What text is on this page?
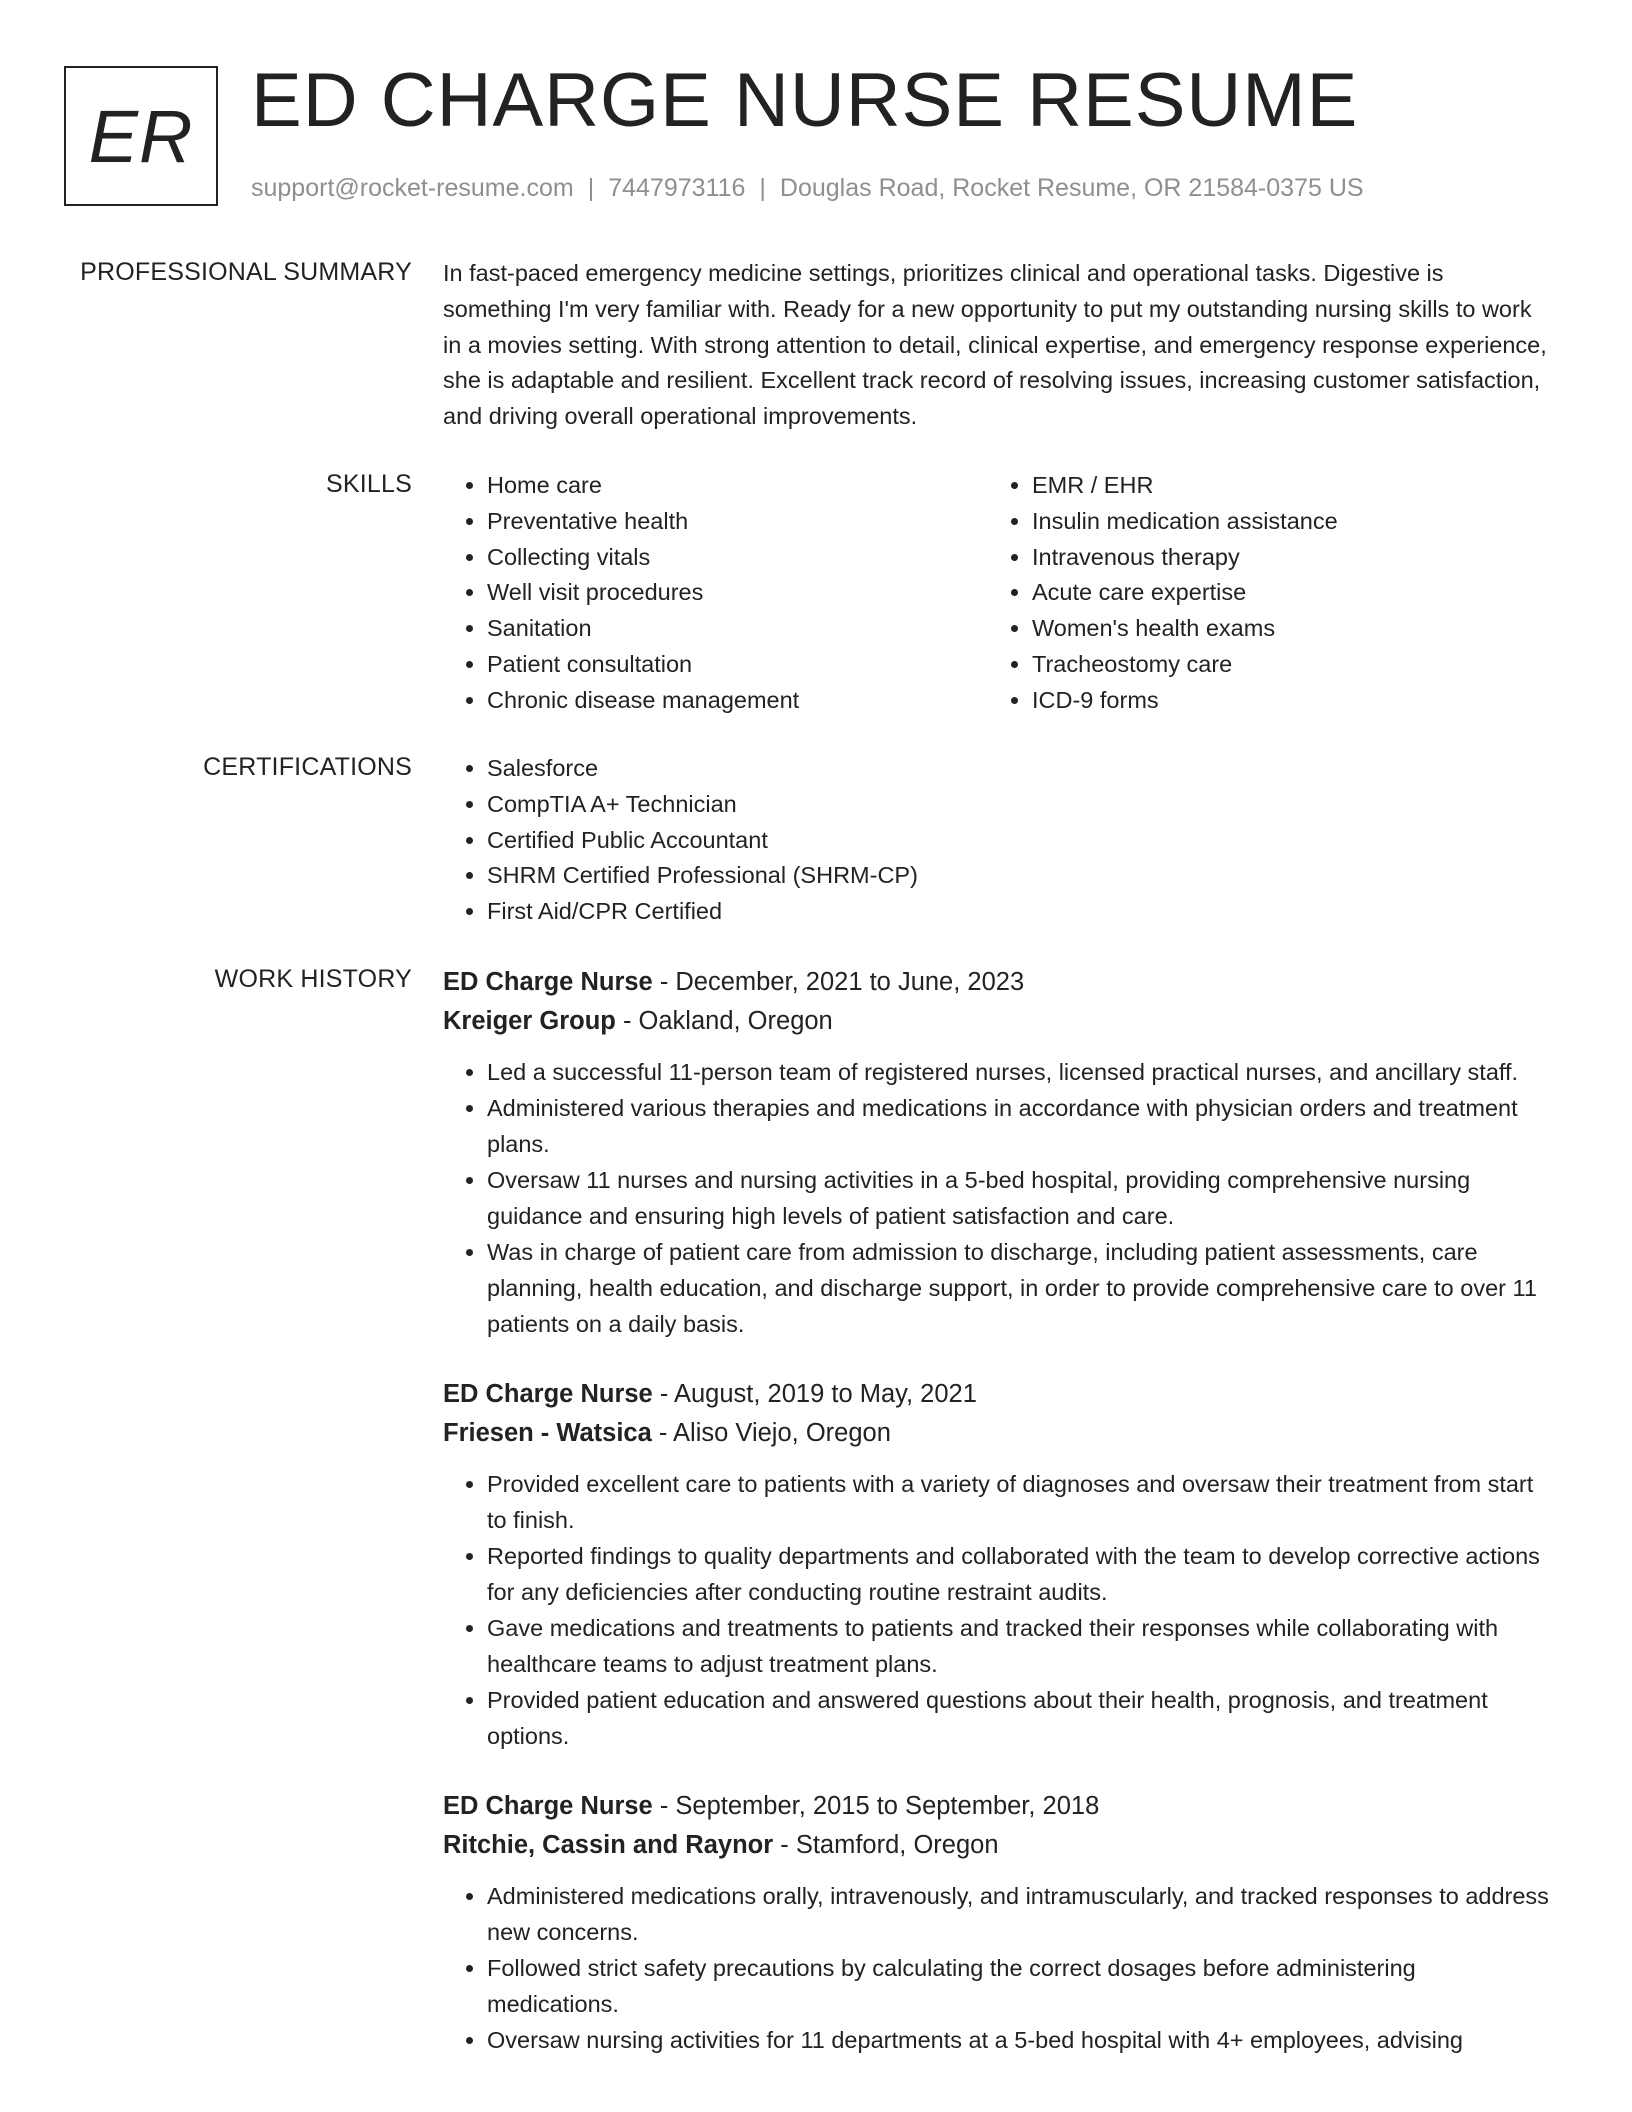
ER ED CHARGE NURSE RESUME
support@rocket-resume.com | 7447973116 | Douglas Road, Rocket Resume, OR 21584-0375 US
PROFESSIONAL SUMMARY In fast-paced emergency medicine settings, prioritizes clinical and operational tasks. Digestive is something I'm very familiar with. Ready for a new opportunity to put my outstanding nursing skills to work in a movies setting. With strong attention to detail, clinical expertise, and emergency response experience, she is adaptable and resilient. Excellent track record of resolving issues, increasing customer satisfaction, and driving overall operational improvements.

SKILLS	• Home care
• Preventative health
• Collecting vitals
• Well visit procedures
• Sanitation
• Patient consultation
• Chronic disease management
• EMR / EHR
• Insulin medication assistance
• Intravenous therapy
• Acute care expertise
• Women's health exams
• Tracheostomy care
• ICD-9 forms
CERTIFICATIONS	• Salesforce
• CompTIA A+ Technician
• Certified Public Accountant
• SHRM Certified Professional (SHRM-CP)
• First Aid/CPR Certified
WORK HISTORY ED Charge Nurse - December, 2021 to June, 2023
Kreiger Group - Oakland, Oregon
• Led a successful 11-person team of registered nurses, licensed practical nurses, and ancillary staff.
• Administered various therapies and medications in accordance with physician orders and treatment plans.
• Oversaw 11 nurses and nursing activities in a 5-bed hospital, providing comprehensive nursing guidance and ensuring high levels of patient satisfaction and care.
• Was in charge of patient care from admission to discharge, including patient assessments, care planning, health education, and discharge support, in order to provide comprehensive care to over 11 patients on a daily basis.
ED Charge Nurse - August, 2019 to May, 2021
Friesen - Watsica - Aliso Viejo, Oregon
• Provided excellent care to patients with a variety of diagnoses and oversaw their treatment from start to finish.
• Reported findings to quality departments and collaborated with the team to develop corrective actions for any deficiencies after conducting routine restraint audits.
• Gave medications and treatments to patients and tracked their responses while collaborating with healthcare teams to adjust treatment plans.
• Provided patient education and answered questions about their health, prognosis, and treatment options.
ED Charge Nurse - September, 2015 to September, 2018
Ritchie, Cassin and Raynor - Stamford, Oregon
• Administered medications orally, intravenously, and intramuscularly, and tracked responses to address new concerns.
• Followed strict safety precautions by calculating the correct dosages before administering medications.
• Oversaw nursing activities for 11 departments at a 5-bed hospital with 4+ employees, advising
